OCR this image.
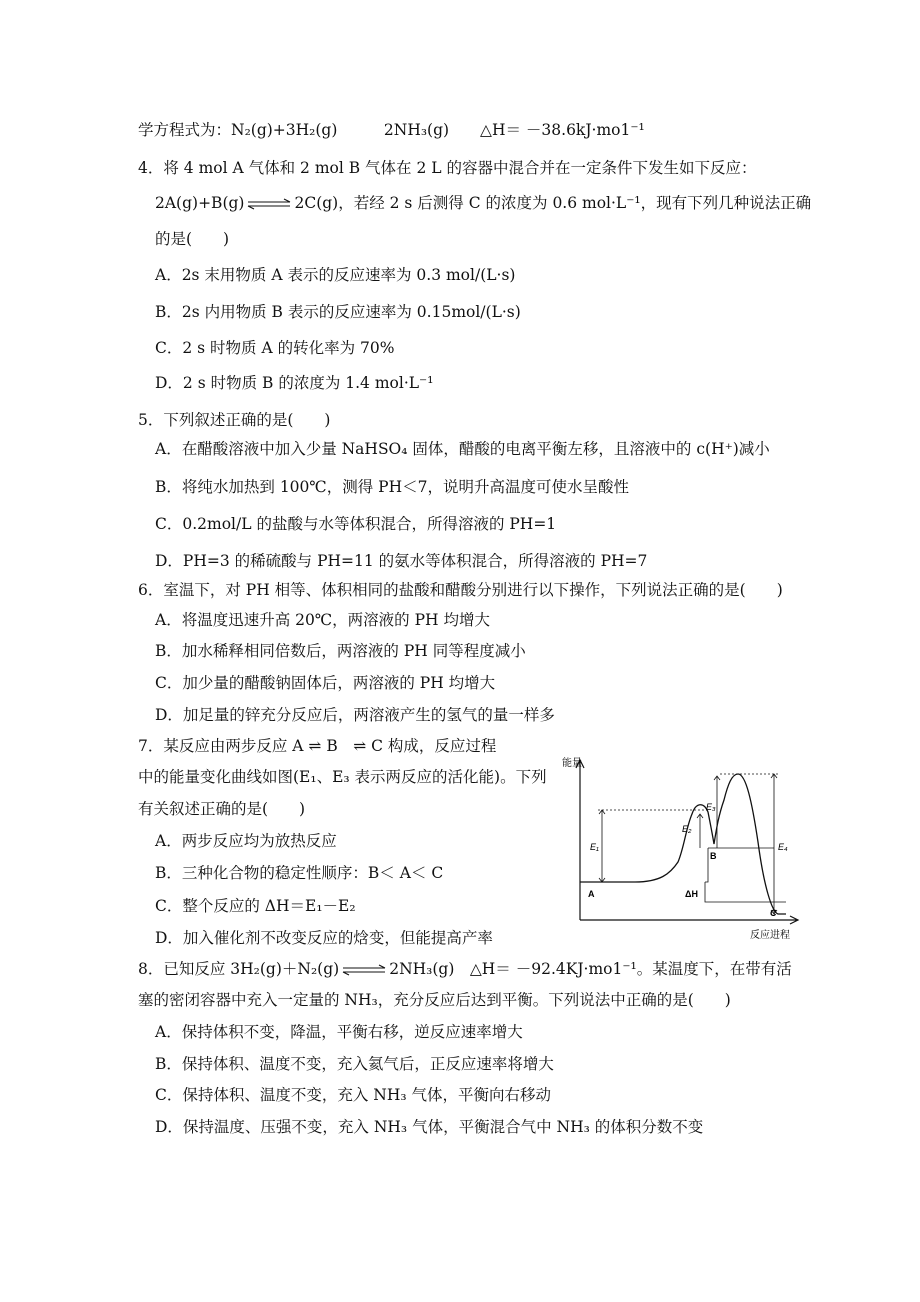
学方程式为：N₂(g)+3H₂(g)　　　2NH₃(g)　　△H＝ －38.6kJ·mo1⁻¹
4．将 4 mol A 气体和 2 mol B 气体在 2 L 的容器中混合并在一定条件下发生如下反应：
2A(g)+B(g) ⇌ 2C(g)，若经 2 s 后测得 C 的浓度为 0.6 mol·L⁻¹，现有下列几种说法正确
的是(　　)
A．2s 末用物质 A 表示的反应速率为 0.3 mol/(L·s)
B．2s 内用物质 B 表示的反应速率为 0.15mol/(L·s)
C．2 s 时物质 A 的转化率为 70%
D．2 s 时物质 B 的浓度为 1.4 mol·L⁻¹
5．下列叙述正确的是(　　)
A．在醋酸溶液中加入少量 NaHSO₄ 固体，醋酸的电离平衡左移，且溶液中的 c(H⁺)减小
B．将纯水加热到 100℃，测得 PH＜7，说明升高温度可使水呈酸性
C．0.2mol/L 的盐酸与水等体积混合，所得溶液的 PH=1
D．PH=3 的稀硫酸与 PH=11 的氨水等体积混合，所得溶液的 PH=7
6．室温下，对 PH 相等、体积相同的盐酸和醋酸分别进行以下操作，下列说法正确的是(　　)
A．将温度迅速升高 20℃，两溶液的 PH 均增大
B．加水稀释相同倍数后，两溶液的 PH 同等程度减小
C．加少量的醋酸钠固体后，两溶液的 PH 均增大
D．加足量的锌充分反应后，两溶液产生的氢气的量一样多
7．某反应由两步反应 A ⇌ B　⇌ C 构成，反应过程
中的能量变化曲线如图(E₁、E₃ 表示两反应的活化能)。下列
有关叙述正确的是(　　)
A．两步反应均为放热反应
B．三种化合物的稳定性顺序：B＜ A＜ C
C．整个反应的 ΔH＝E₁－E₂
D．加入催化剂不改变反应的焓变，但能提高产率
8．已知反应 3H₂(g)＋N₂(g) ⇌ 2NH₃(g)　△H＝ －92.4KJ·mo1⁻¹。某温度下，在带有活
塞的密闭容器中充入一定量的 NH₃，充分反应后达到平衡。下列说法中正确的是(　　)
A．保持体积不变，降温，平衡右移，逆反应速率增大
B．保持体积、温度不变，充入氦气后，正反应速率将增大
C．保持体积、温度不变，充入 NH₃ 气体，平衡向右移动
D．保持温度、压强不变，充入 NH₃ 气体，平衡混合气中 NH₃ 的体积分数不变
能量
反应进程
E₁
E₂
E₃
E₄
A
B
C
ΔH
